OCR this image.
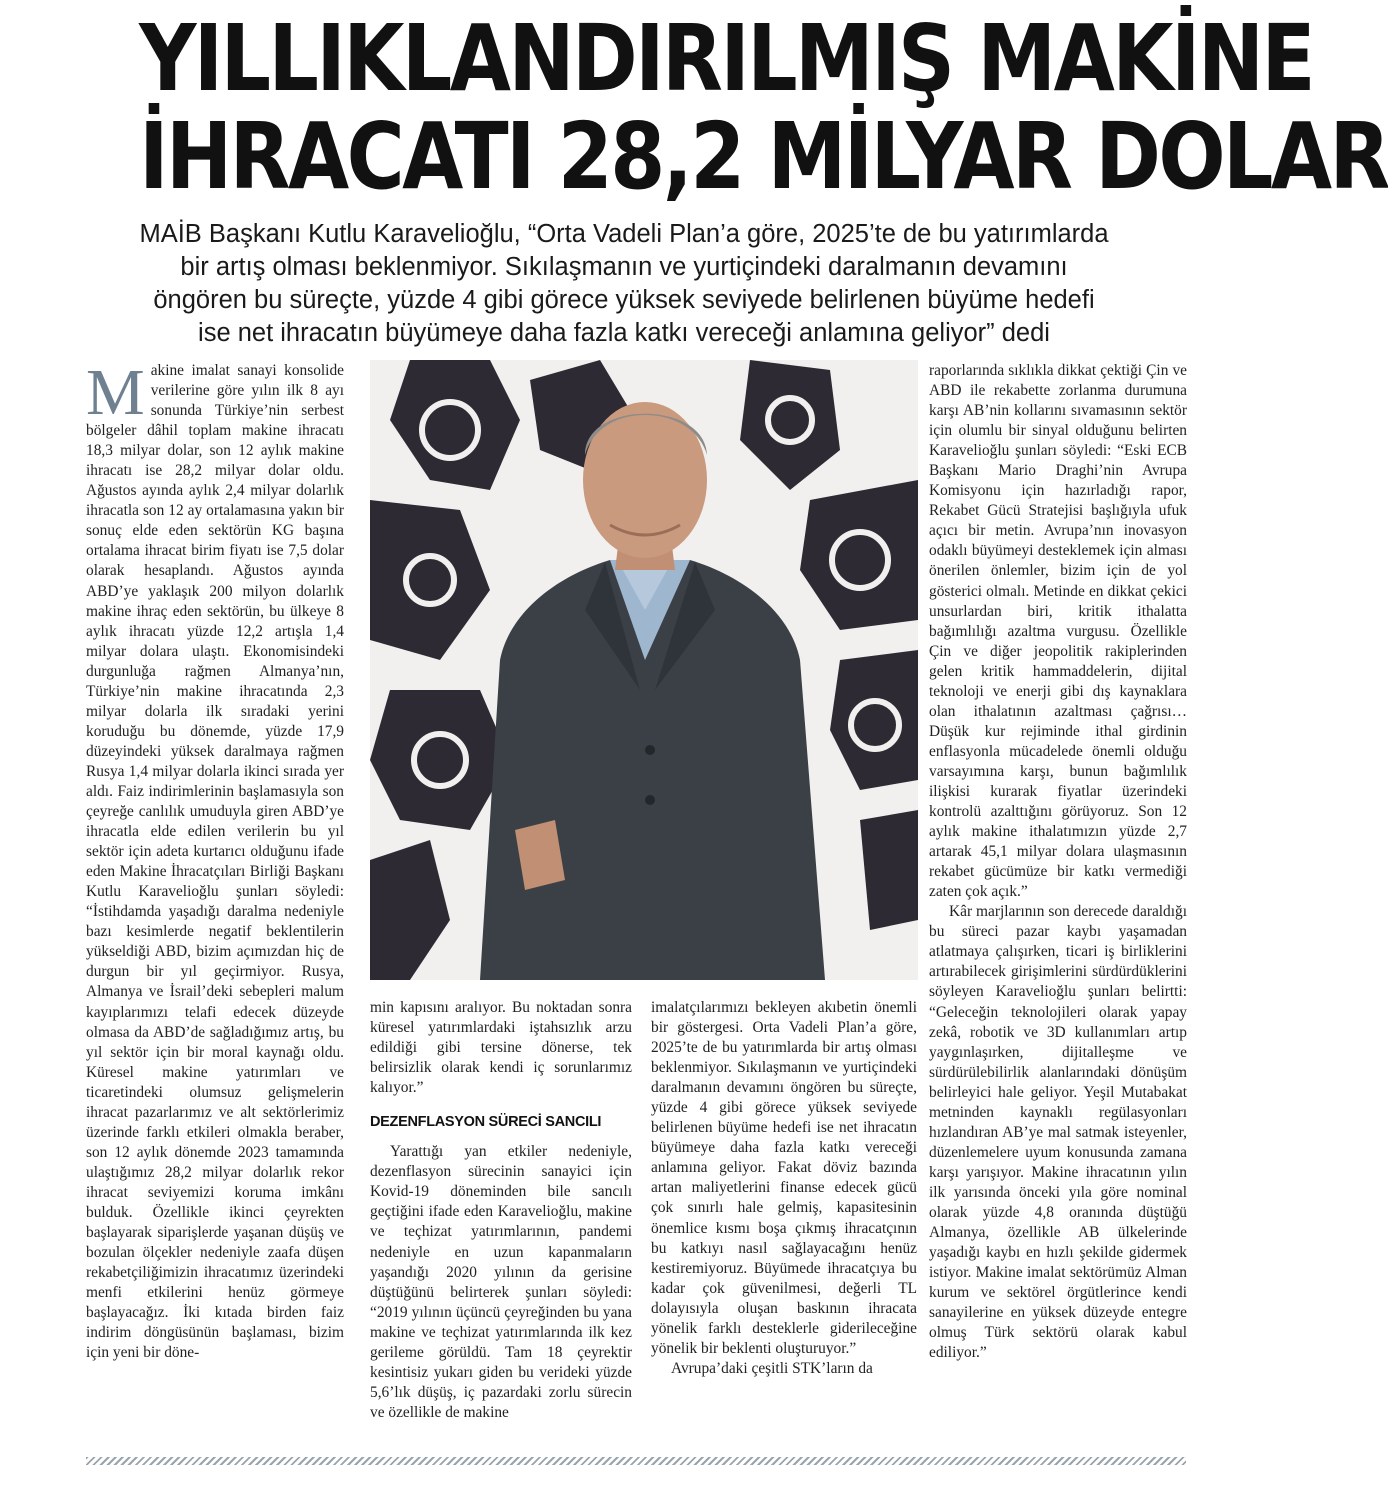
YILLIKLANDIRILMIŞ MAKİNE
İHRACATI 28,2 MİLYAR DOLAR
MAİB Başkanı Kutlu Karavelioğlu, “Orta Vadeli Plan’a göre, 2025’te de bu yatırımlarda
bir artış olması beklenmiyor. Sıkılaşmanın ve yurtiçindeki daralmanın devamını
öngören bu süreçte, yüzde 4 gibi görece yüksek seviyede belirlenen büyüme hedefi
ise net ihracatın büyümeye daha fazla katkı vereceği anlamına geliyor” dedi

Makine imalat sanayi konsolide verilerine göre yılın ilk 8 ayı sonunda Türkiye’nin serbest bölgeler dâhil toplam makine ihracatı 18,3 milyar dolar, son 12 aylık makine ihracatı ise 28,2 milyar dolar oldu. Ağustos ayında aylık 2,4 milyar dolarlık ihracatla son 12 ay ortalamasına yakın bir sonuç elde eden sektörün KG başına ortalama ihracat birim fiyatı ise 7,5 dolar olarak hesaplandı. Ağustos ayında ABD’ye yaklaşık 200 milyon dolarlık makine ihraç eden sektörün, bu ülkeye 8 aylık ihracatı yüzde 12,2 artışla 1,4 milyar dolara ulaştı. Ekonomisindeki durgunluğa rağmen Almanya’nın, Türkiye’nin makine ihracatında 2,3 milyar dolarla ilk sıradaki yerini koruduğu bu dönemde, yüzde 17,9 düzeyindeki yüksek daralmaya rağmen Rusya 1,4 milyar dolarla ikinci sırada yer aldı. Faiz indirimlerinin başlamasıyla son çeyreğe canlılık umuduyla giren ABD’ye ihracatla elde edilen verilerin bu yıl sektör için adeta kurtarıcı olduğunu ifade eden Makine İhracatçıları Birliği Başkanı Kutlu Karavelioğlu şunları söyledi: “İstihdamda yaşadığı daralma nedeniyle bazı kesimlerde negatif beklentilerin yükseldiği ABD, bizim açımızdan hiç de durgun bir yıl geçirmiyor. Rusya, Almanya ve İsrail’deki sebepleri malum kayıplarımızı telafi edecek düzeyde olmasa da ABD’de sağladığımız artış, bu yıl sektör için bir moral kaynağı oldu. Küresel makine yatırımları ve ticaretindeki olumsuz gelişmelerin ihracat pazarlarımız ve alt sektörlerimiz üzerinde farklı etkileri olmakla beraber, son 12 aylık dönemde 2023 tamamında ulaştığımız 28,2 milyar dolarlık rekor ihracat seviyemizi koruma imkânı bulduk. Özellikle ikinci çeyrekten başlayarak siparişlerde yaşanan düşüş ve bozulan ölçekler nedeniyle zaafa düşen rekabetçiliğimizin ihracatımız üzerindeki menfi etkilerini henüz görmeye başlayacağız. İki kıtada birden faiz indirim döngüsünün başlaması, bizim için yeni bir döne-

min kapısını aralıyor. Bu noktadan sonra küresel yatırımlardaki iştahsızlık arzu edildiği gibi tersine dönerse, tek belirsizlik olarak kendi iç sorunlarımız kalıyor.”

DEZENFLASYON SÜRECİ SANCILI

Yarattığı yan etkiler nedeniyle, dezenflasyon sürecinin sanayici için Kovid-19 döneminden bile sancılı geçtiğini ifade eden Karavelioğlu, makine ve teçhizat yatırımlarının, pandemi nedeniyle en uzun kapanmaların yaşandığı 2020 yılının da gerisine düştüğünü belirterek şunları söyledi: “2019 yılının üçüncü çeyreğinden bu yana makine ve teçhizat yatırımlarında ilk kez gerileme görüldü. Tam 18 çeyrektir kesintisiz yukarı giden bu verideki yüzde 5,6’lık düşüş, iç pazardaki zorlu sürecin ve özellikle de makine

imalatçılarımızı bekleyen akıbetin önemli bir göstergesi. Orta Vadeli Plan’a göre, 2025’te de bu yatırımlarda bir artış olması beklenmiyor. Sıkılaşmanın ve yurtiçindeki daralmanın devamını öngören bu süreçte, yüzde 4 gibi görece yüksek seviyede belirlenen büyüme hedefi ise net ihracatın büyümeye daha fazla katkı vereceği anlamına geliyor. Fakat döviz bazında artan maliyetlerini finanse edecek gücü çok sınırlı hale gelmiş, kapasitesinin önemlice kısmı boşa çıkmış ihracatçının bu katkıyı nasıl sağlayacağını henüz kestiremiyoruz. Büyümede ihracatçıya bu kadar çok güvenilmesi, değerli TL dolayısıyla oluşan baskının ihracata yönelik farklı desteklerle giderileceğine yönelik bir beklenti oluşturuyor.”

Avrupa’daki çeşitli STK’ların da

raporlarında sıklıkla dikkat çektiği Çin ve ABD ile rekabette zorlanma durumuna karşı AB’nin kollarını sıvamasının sektör için olumlu bir sinyal olduğunu belirten Karavelioğlu şunları söyledi: “Eski ECB Başkanı Mario Draghi’nin Avrupa Komisyonu için hazırladığı rapor, Rekabet Gücü Stratejisi başlığıyla ufuk açıcı bir metin. Avrupa’nın inovasyon odaklı büyümeyi desteklemek için alması önerilen önlemler, bizim için de yol gösterici olmalı. Metinde en dikkat çekici unsurlardan biri, kritik ithalatta bağımlılığı azaltma vurgusu. Özellikle Çin ve diğer jeopolitik rakiplerinden gelen kritik hammaddelerin, dijital teknoloji ve enerji gibi dış kaynaklara olan ithalatının azaltması çağrısı… Düşük kur rejiminde ithal girdinin enflasyonla mücadelede önemli olduğu varsayımına karşı, bunun bağımlılık ilişkisi kurarak fiyatlar üzerindeki kontrolü azalttığını görüyoruz. Son 12 aylık makine ithalatımızın yüzde 2,7 artarak 45,1 milyar dolara ulaşmasının rekabet gücümüze bir katkı vermediği zaten çok açık.”

Kâr marjlarının son derecede daraldığı bu süreci pazar kaybı yaşamadan atlatmaya çalışırken, ticari iş birliklerini artırabilecek girişimlerini sürdürdüklerini söyleyen Karavelioğlu şunları belirtti: “Geleceğin teknolojileri olarak yapay zekâ, robotik ve 3D kullanımları artıp yaygınlaşırken, dijitalleşme ve sürdürülebilirlik alanlarındaki dönüşüm belirleyici hale geliyor. Yeşil Mutabakat metninden kaynaklı regülasyonları hızlandıran AB’ye mal satmak isteyenler, düzenlemelere uyum konusunda zamana karşı yarışıyor. Makine ihracatının yılın ilk yarısında önceki yıla göre nominal olarak yüzde 4,8 oranında düştüğü Almanya, özellikle AB ülkelerinde yaşadığı kaybı en hızlı şekilde gidermek istiyor. Makine imalat sektörümüz Alman kurum ve sektörel örgütlerince kendi sanayilerine en yüksek düzeyde entegre olmuş Türk sektörü olarak kabul ediliyor.”
